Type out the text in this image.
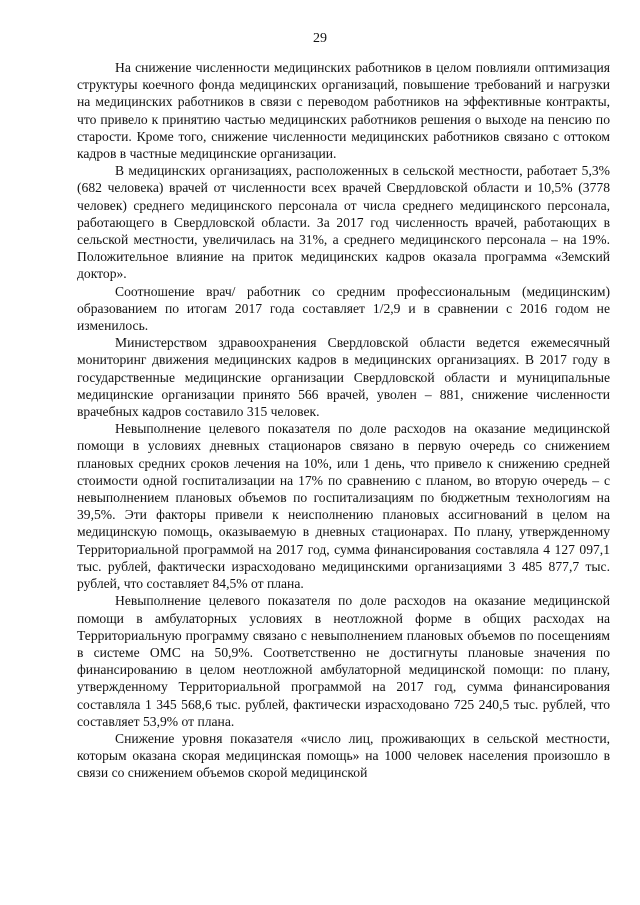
29

На снижение численности медицинских работников в целом повлияли оптимизация структуры коечного фонда медицинских организаций, повышение требований и нагрузки на медицинских работников в связи с переводом работников на эффективные контракты, что привело к принятию частью медицинских работников решения о выходе на пенсию по старости. Кроме того, снижение численности медицинских работников связано с оттоком кадров в частные медицинские организации.

В медицинских организациях, расположенных в сельской местности, работает 5,3% (682 человека) врачей от численности всех врачей Свердловской области и 10,5% (3778 человек) среднего медицинского персонала от числа среднего медицинского персонала, работающего в Свердловской области. За 2017 год численность врачей, работающих в сельской местности, увеличилась на 31%, а среднего медицинского персонала – на 19%. Положительное влияние на приток медицинских кадров оказала программа «Земский доктор».

Соотношение врач/ работник со средним профессиональным (медицинским) образованием по итогам 2017 года составляет 1/2,9 и в сравнении с 2016 годом не изменилось.

Министерством здравоохранения Свердловской области ведется ежемесячный мониторинг движения медицинских кадров в медицинских организациях. В 2017 году в государственные медицинские организации Свердловской области и муниципальные медицинские организации принято 566 врачей, уволен – 881, снижение численности врачебных кадров составило 315 человек.

Невыполнение целевого показателя по доле расходов на оказание медицинской помощи в условиях дневных стационаров связано в первую очередь со снижением плановых средних сроков лечения на 10%, или 1 день, что привело к снижению средней стоимости одной госпитализации на 17% по сравнению с планом, во вторую очередь – с невыполнением плановых объемов по госпитализациям по бюджетным технологиям на 39,5%. Эти факторы привели к неисполнению плановых ассигнований в целом на медицинскую помощь, оказываемую в дневных стационарах. По плану, утвержденному Территориальной программой на 2017 год, сумма финансирования составляла 4 127 097,1 тыс. рублей, фактически израсходовано медицинскими организациями 3 485 877,7 тыс. рублей, что составляет 84,5% от плана.

Невыполнение целевого показателя по доле расходов на оказание медицинской помощи в амбулаторных условиях в неотложной форме в общих расходах на Территориальную программу связано с невыполнением плановых объемов по посещениям в системе ОМС на 50,9%. Соответственно не достигнуты плановые значения по финансированию в целом неотложной амбулаторной медицинской помощи: по плану, утвержденному Территориальной программой на 2017 год, сумма финансирования составляла 1 345 568,6 тыс. рублей, фактически израсходовано 725 240,5 тыс. рублей, что составляет 53,9% от плана.

Снижение уровня показателя «число лиц, проживающих в сельской местности, которым оказана скорая медицинская помощь» на 1000 человек населения произошло в связи со снижением объемов скорой медицинской
